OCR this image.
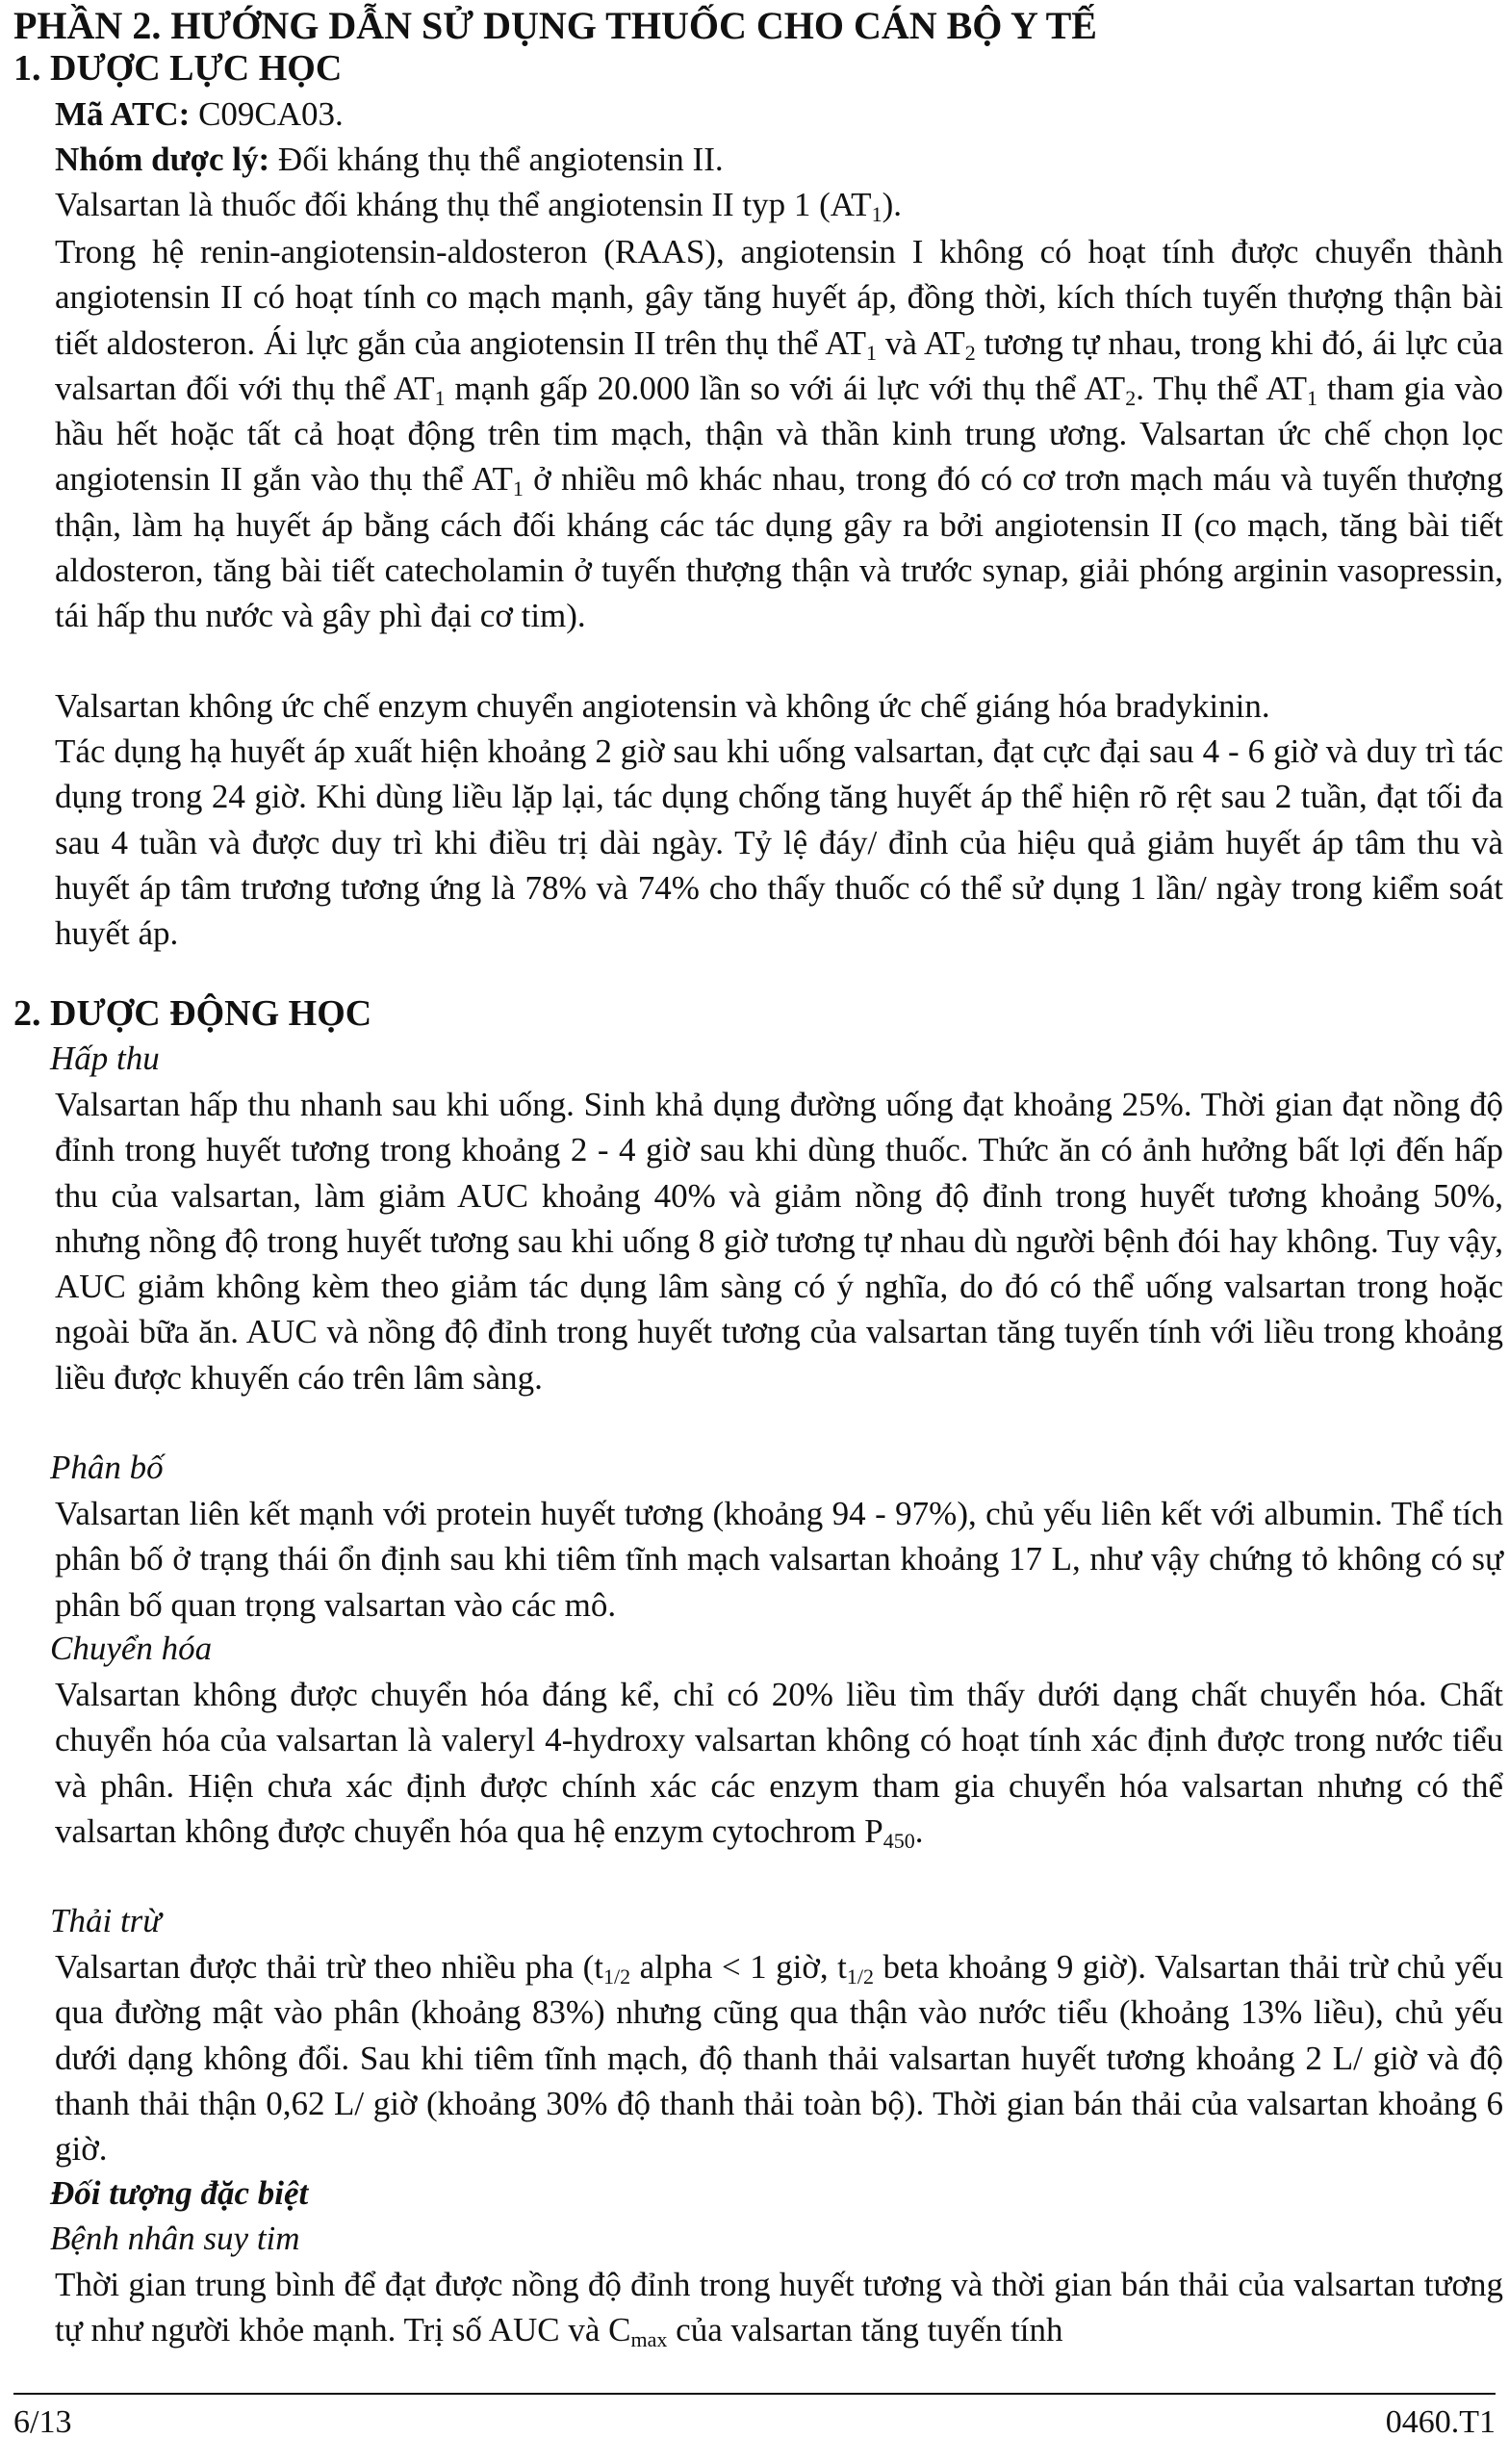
PHẦN 2. HƯỚNG DẪN SỬ DỤNG THUỐC CHO CÁN BỘ Y TẾ
1. DƯỢC LỰC HỌC
Mã ATC: C09CA03.
Nhóm dược lý: Đối kháng thụ thể angiotensin II.
Valsartan là thuốc đối kháng thụ thể angiotensin II typ 1 $(AT_1)$.

Trong hệ renin-angiotensin-aldosteron (RAAS), angiotensin I không có hoạt tính được chuyển thành angiotensin II có hoạt tính co mạch mạnh, gây tăng huyết áp, đồng thời, kích thích tuyến thượng thận bài tiết aldosteron. Ái lực gắn của angiotensin II trên thụ thể $AT_1$ và $AT_2$ tương tự nhau, trong khi đó, ái lực của valsartan đối với thụ thể $AT_1$ mạnh gấp 20.000 lần so với ái lực với thụ thể $AT_2$. Thụ thể $AT_1$ tham gia vào hầu hết hoặc tất cả hoạt động trên tim mạch, thận và thần kinh trung ương. Valsartan ức chế chọn lọc angiotensin II gắn vào thụ thể $AT_1$ ở nhiều mô khác nhau, trong đó có cơ trơn mạch máu và tuyến thượng thận, làm hạ huyết áp bằng cách đối kháng các tác dụng gây ra bởi angiotensin II (co mạch, tăng bài tiết aldosteron, tăng bài tiết catecholamin ở tuyến thượng thận và trước synap, giải phóng arginin vasopressin, tái hấp thu nước và gây phì đại cơ tim).

Valsartan không ức chế enzym chuyển angiotensin và không ức chế giáng hóa bradykinin.

Tác dụng hạ huyết áp xuất hiện khoảng 2 giờ sau khi uống valsartan, đạt cực đại sau 4 - 6 giờ và duy trì tác dụng trong 24 giờ. Khi dùng liều lặp lại, tác dụng chống tăng huyết áp thể hiện rõ rệt sau 2 tuần, đạt tối đa sau 4 tuần và được duy trì khi điều trị dài ngày. Tỷ lệ đáy/ đỉnh của hiệu quả giảm huyết áp tâm thu và huyết áp tâm trương tương ứng là 78% và 74% cho thấy thuốc có thể sử dụng 1 lần/ ngày trong kiểm soát huyết áp.

2. DƯỢC ĐỘNG HỌC
Hấp thu

Valsartan hấp thu nhanh sau khi uống. Sinh khả dụng đường uống đạt khoảng 25%. Thời gian đạt nồng độ đỉnh trong huyết tương trong khoảng 2 - 4 giờ sau khi dùng thuốc. Thức ăn có ảnh hưởng bất lợi đến hấp thu của valsartan, làm giảm AUC khoảng 40% và giảm nồng độ đỉnh trong huyết tương khoảng 50%, nhưng nồng độ trong huyết tương sau khi uống 8 giờ tương tự nhau dù người bệnh đói hay không. Tuy vậy, AUC giảm không kèm theo giảm tác dụng lâm sàng có ý nghĩa, do đó có thể uống valsartan trong hoặc ngoài bữa ăn. AUC và nồng độ đỉnh trong huyết tương của valsartan tăng tuyến tính với liều trong khoảng liều được khuyến cáo trên lâm sàng.

Phân bố

Valsartan liên kết mạnh với protein huyết tương (khoảng 94 - 97%), chủ yếu liên kết với albumin. Thể tích phân bố ở trạng thái ổn định sau khi tiêm tĩnh mạch valsartan khoảng 17 L, như vậy chứng tỏ không có sự phân bố quan trọng valsartan vào các mô.

Chuyển hóa

Valsartan không được chuyển hóa đáng kể, chỉ có 20% liều tìm thấy dưới dạng chất chuyển hóa. Chất chuyển hóa của valsartan là valeryl 4-hydroxy valsartan không có hoạt tính xác định được trong nước tiểu và phân. Hiện chưa xác định được chính xác các enzym tham gia chuyển hóa valsartan nhưng có thể valsartan không được chuyển hóa qua hệ enzym cytochrom $P_{450}$.

Thải trừ

Valsartan được thải trừ theo nhiều pha ($t_{1/2}$ alpha < 1 giờ, $t_{1/2}$ beta khoảng 9 giờ). Valsartan thải trừ chủ yếu qua đường mật vào phân (khoảng 83%) nhưng cũng qua thận vào nước tiểu (khoảng 13% liều), chủ yếu dưới dạng không đổi. Sau khi tiêm tĩnh mạch, độ thanh thải valsartan huyết tương khoảng 2 L/ giờ và độ thanh thải thận 0,62 L/ giờ (khoảng 30% độ thanh thải toàn bộ). Thời gian bán thải của valsartan khoảng 6 giờ.

Đối tượng đặc biệt
Bệnh nhân suy tim

Thời gian trung bình để đạt được nồng độ đỉnh trong huyết tương và thời gian bán thải của valsartan tương tự như người khỏe mạnh. Trị số AUC và $C_{max}$ của valsartan tăng tuyến tính

6/13	0460.T1
